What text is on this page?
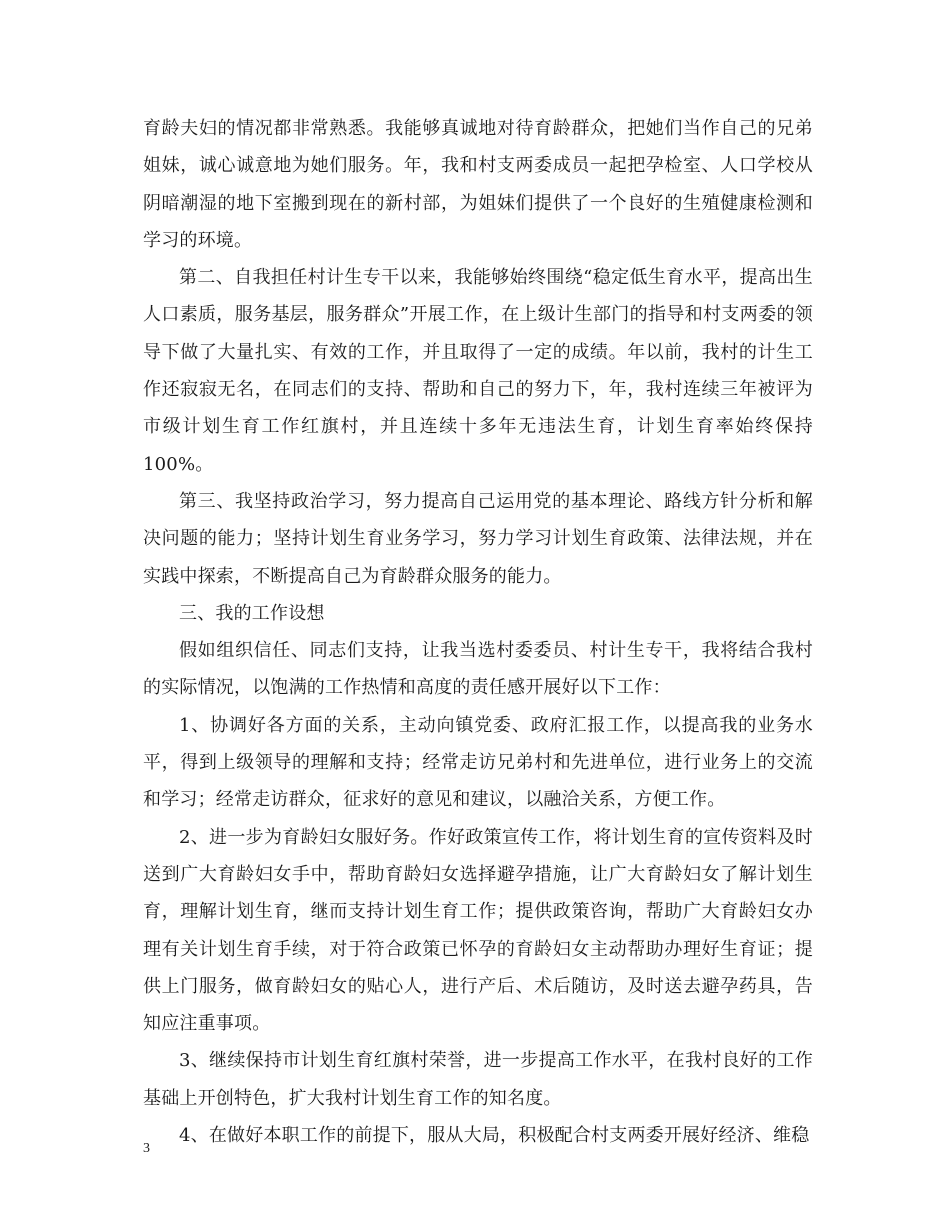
育龄夫妇的情况都非常熟悉。我能够真诚地对待育龄群众，把她们当作自己的兄弟姐妹，诚心诚意地为她们服务。年，我和村支两委成员一起把孕检室、人口学校从阴暗潮湿的地下室搬到现在的新村部，为姐妹们提供了一个良好的生殖健康检测和学习的环境。

第二、自我担任村计生专干以来，我能够始终围绕“稳定低生育水平，提高出生人口素质，服务基层，服务群众”开展工作，在上级计生部门的指导和村支两委的领导下做了大量扎实、有效的工作，并且取得了一定的成绩。年以前，我村的计生工作还寂寂无名，在同志们的支持、帮助和自己的努力下，年，我村连续三年被评为市级计划生育工作红旗村，并且连续十多年无违法生育，计划生育率始终保持100%。

第三、我坚持政治学习，努力提高自己运用党的基本理论、路线方针分析和解决问题的能力；坚持计划生育业务学习，努力学习计划生育政策、法律法规，并在实践中探索，不断提高自己为育龄群众服务的能力。

三、我的工作设想

假如组织信任、同志们支持，让我当选村委委员、村计生专干，我将结合我村的实际情况，以饱满的工作热情和高度的责任感开展好以下工作：

1、协调好各方面的关系，主动向镇党委、政府汇报工作，以提高我的业务水平，得到上级领导的理解和支持；经常走访兄弟村和先进单位，进行业务上的交流和学习；经常走访群众，征求好的意见和建议，以融洽关系，方便工作。

2、进一步为育龄妇女服好务。作好政策宣传工作，将计划生育的宣传资料及时送到广大育龄妇女手中，帮助育龄妇女选择避孕措施，让广大育龄妇女了解计划生育，理解计划生育，继而支持计划生育工作；提供政策咨询，帮助广大育龄妇女办理有关计划生育手续，对于符合政策已怀孕的育龄妇女主动帮助办理好生育证；提供上门服务，做育龄妇女的贴心人，进行产后、术后随访，及时送去避孕药具，告知应注重事项。

3、继续保持市计划生育红旗村荣誉，进一步提高工作水平，在我村良好的工作基础上开创特色，扩大我村计划生育工作的知名度。

4、在做好本职工作的前提下，服从大局，积极配合村支两委开展好经济、维稳

3
